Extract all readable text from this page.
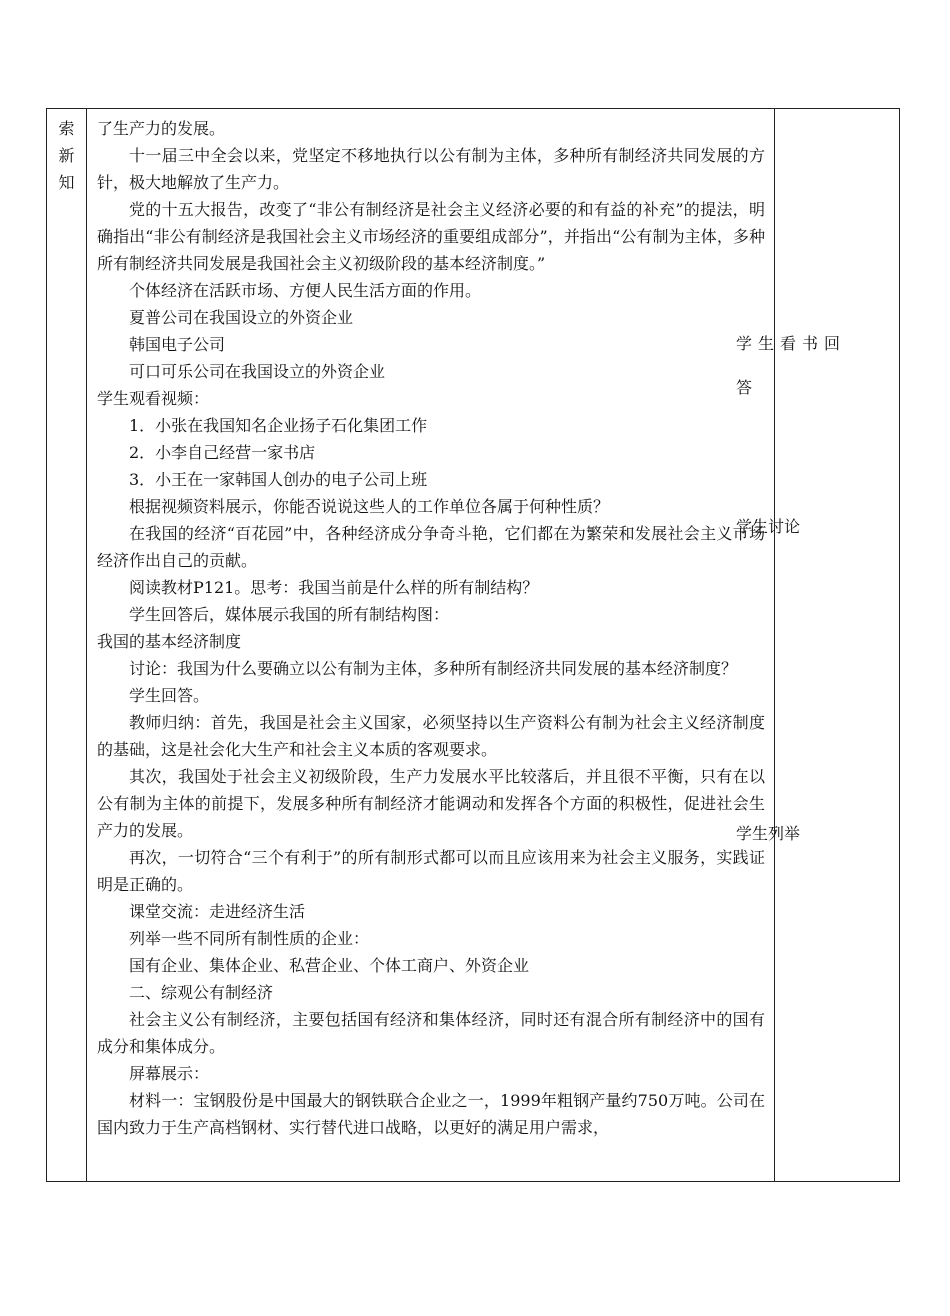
索
新
知

了生产力的发展。

十一届三中全会以来，党坚定不移地执行以公有制为主体，多种所有制经济共同发展的方针，极大地解放了生产力。

党的十五大报告，改变了“非公有制经济是社会主义经济必要的和有益的补充”的提法，明确指出“非公有制经济是我国社会主义市场经济的重要组成部分”，并指出“公有制为主体，多种所有制经济共同发展是我国社会主义初级阶段的基本经济制度。”

个体经济在活跃市场、方便人民生活方面的作用。

夏普公司在我国设立的外资企业

韩国电子公司

可口可乐公司在我国设立的外资企业

学生观看视频：

1．小张在我国知名企业扬子石化集团工作

2．小李自己经营一家书店

3．小王在一家韩国人创办的电子公司上班

根据视频资料展示，你能否说说这些人的工作单位各属于何种性质？

在我国的经济“百花园”中，各种经济成分争奇斗艳，它们都在为繁荣和发展社会主义市场经济作出自己的贡献。

阅读教材P121。思考：我国当前是什么样的所有制结构？

学生回答后，媒体展示我国的所有制结构图：

我国的基本经济制度

讨论：我国为什么要确立以公有制为主体，多种所有制经济共同发展的基本经济制度？

学生回答。

教师归纳：首先，我国是社会主义国家，必须坚持以生产资料公有制为社会主义经济制度的基础，这是社会化大生产和社会主义本质的客观要求。

其次，我国处于社会主义初级阶段，生产力发展水平比较落后，并且很不平衡，只有在以公有制为主体的前提下，发展多种所有制经济才能调动和发挥各个方面的积极性，促进社会生产力的发展。

再次，一切符合“三个有利于”的所有制形式都可以而且应该用来为社会主义服务，实践证明是正确的。

课堂交流：走进经济生活

列举一些不同所有制性质的企业：

国有企业、集体企业、私营企业、个体工商户、外资企业

二、综观公有制经济

社会主义公有制经济，主要包括国有经济和集体经济，同时还有混合所有制经济中的国有成分和集体成分。

屏幕展示：

材料一：宝钢股份是中国最大的钢铁联合企业之一，1999年粗钢产量约750万吨。公司在国内致力于生产高档钢材、实行替代进口战略，以更好的满足用户需求，

学生看书回答
学生讨论
学生列举
